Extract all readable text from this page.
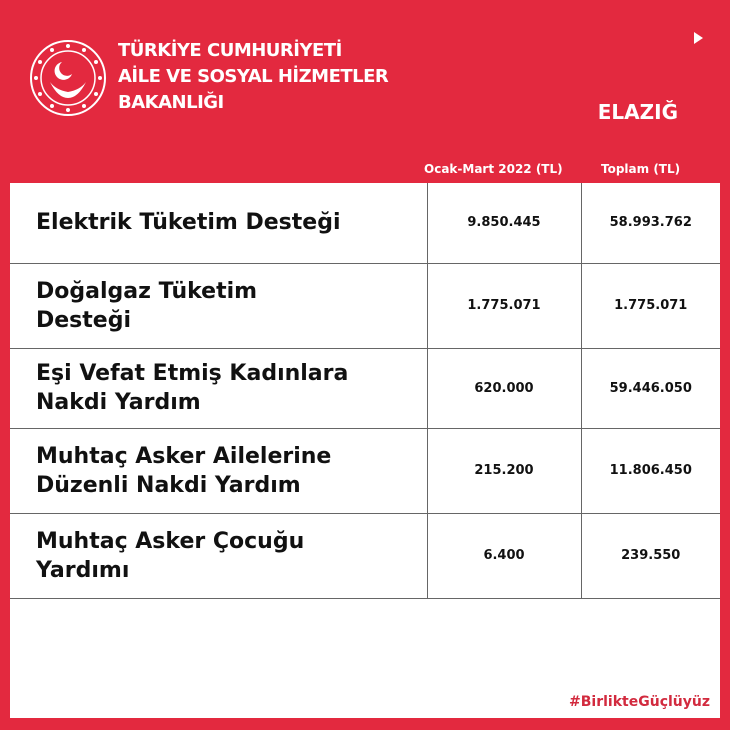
TÜRKİYE CUMHURİYETİ
AİLE VE SOSYAL HİZMETLER
BAKANLIĞI	ELAZIĞ
Ocak-Mart 2022 (TL)	Toplam (TL)
Elektrik Tüketim Desteği	9.850.445	58.993.762
Doğalgaz Tüketim Desteği	1.775.071	1.775.071
Eşi Vefat Etmiş Kadınlara Nakdi Yardım	620.000	59.446.050
Muhtaç Asker Ailelerine Düzenli Nakdi Yardım	215.200	11.806.450
Muhtaç Asker Çocuğu Yardımı	6.400	239.550
#BirlikteGüçlüyüz
